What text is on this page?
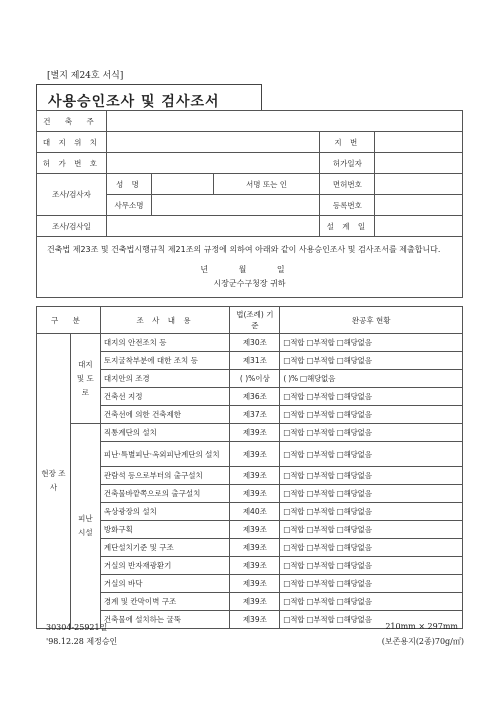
[별지 제24호 서식]
사용승인조사 및 검사조서
건 축 주					
대 지 위 치				지 번	
허 가 번 호				허가일자	
조사/검사자	성 명		서명 또는 인	면허번호	
	사무소명			등록번호	
조사/검사일				설 계 일	

건축법 제23조 및 건축법시행규칙 제21조의 규정에 의하여 아래와 같이 사용승인조사 및 검사조서를 제출합니다.
년 월 일
시장군수구청장 귀하					
구 분		조 사 내 용	법(조례) 기 준	완공후 현황
현장 조사	대지 및 도로	대지의 안전조치 등	제30조	□적합 □부적합 □해당없음
		토지굴착부분에 대한 조치 등	제31조	□적합 □부적합 □해당없음
		대지안의 조경	( )%이상	( )% □해당없음
		건축선 지정	제36조	□적합 □부적합 □해당없음
		건축선에 의한 건축제한	제37조	□적합 □부적합 □해당없음
	피난 시설	직통계단의 설치	제39조	□적합 □부적합 □해당없음
		피난·특별피난·옥외피난계단의 설치	제39조	□적합 □부적합 □해당없음
		관람석 등으로부터의 출구설치	제39조	□적합 □부적합 □해당없음
		건축물바깥쪽으로의 출구설치	제39조	□적합 □부적합 □해당없음
		옥상광장의 설치	제40조	□적합 □부적합 □해당없음
		방화구획	제39조	□적합 □부적합 □해당없음
		계단설치기준 및 구조	제39조	□적합 □부적합 □해당없음
		거실의 반자재광환기	제39조	□적합 □부적합 □해당없음
		거실의 바닥	제39조	□적합 □부적합 □해당없음
		경계 및 칸막이벽 구조	제39조	□적합 □부적합 □해당없음
		건축물에 설치하는 굴뚝	제39조	□적합 □부적합 □해당없음
30304-25921일
'98.12.28 제정승인
210mm × 297mm
(보존용지(2종)70g/㎡)
